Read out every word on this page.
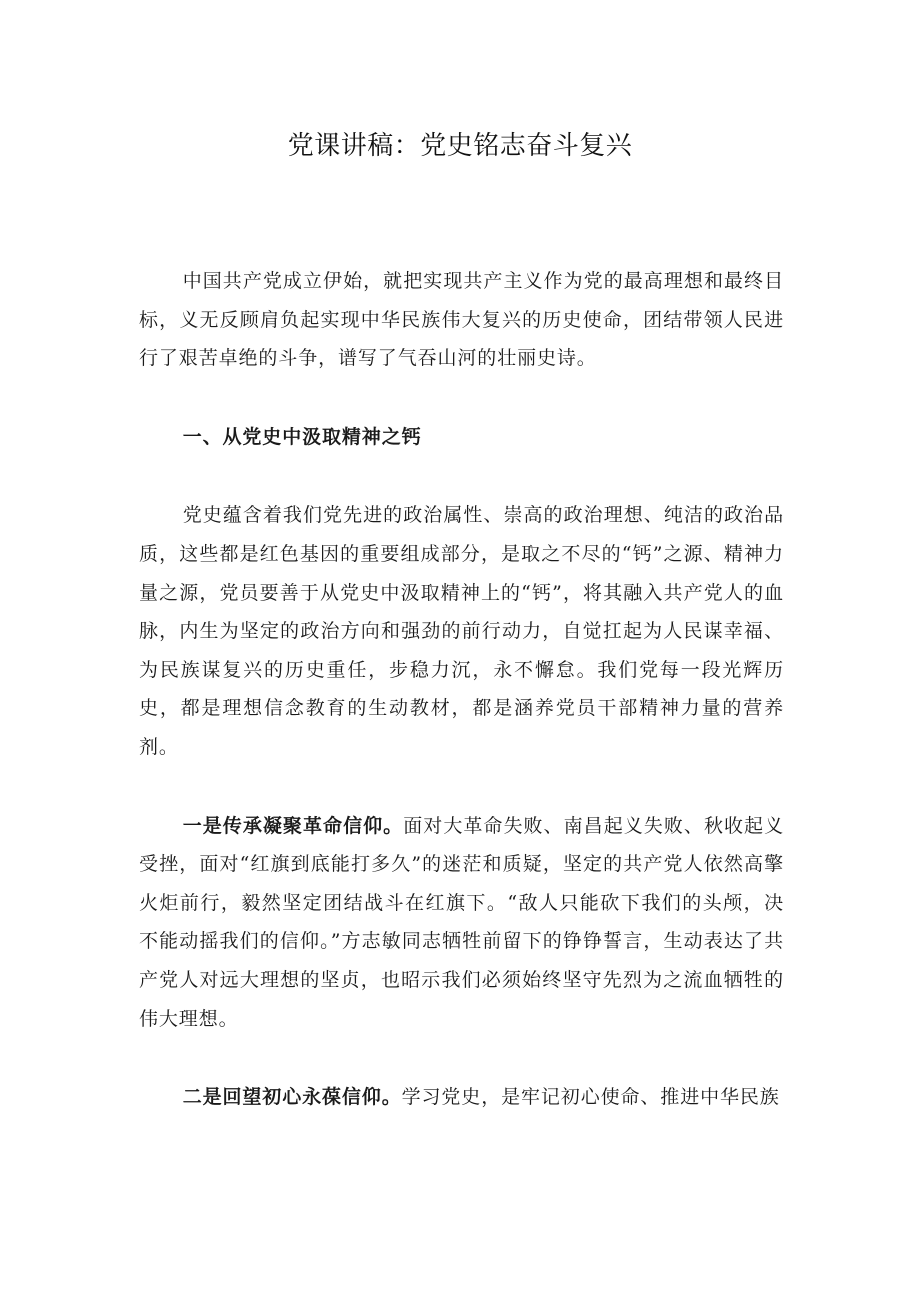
党课讲稿：党史铭志奋斗复兴

中国共产党成立伊始，就把实现共产主义作为党的最高理想和最终目标，义无反顾肩负起实现中华民族伟大复兴的历史使命，团结带领人民进行了艰苦卓绝的斗争，谱写了气吞山河的壮丽史诗。

一、从党史中汲取精神之钙

党史蕴含着我们党先进的政治属性、崇高的政治理想、纯洁的政治品质，这些都是红色基因的重要组成部分，是取之不尽的“钙”之源、精神力量之源，党员要善于从党史中汲取精神上的“钙”，将其融入共产党人的血脉，内生为坚定的政治方向和强劲的前行动力，自觉扛起为人民谋幸福、为民族谋复兴的历史重任，步稳力沉，永不懈怠。我们党每一段光辉历史，都是理想信念教育的生动教材，都是涵养党员干部精神力量的营养剂。

一是传承凝聚革命信仰。面对大革命失败、南昌起义失败、秋收起义受挫，面对“红旗到底能打多久”的迷茫和质疑，坚定的共产党人依然高擎火炬前行，毅然坚定团结战斗在红旗下。“敌人只能砍下我们的头颅，决不能动摇我们的信仰。”方志敏同志牺牲前留下的铮铮誓言，生动表达了共产党人对远大理想的坚贞，也昭示我们必须始终坚守先烈为之流血牺牲的伟大理想。

二是回望初心永葆信仰。学习党史，是牢记初心使命、推进中华民族
